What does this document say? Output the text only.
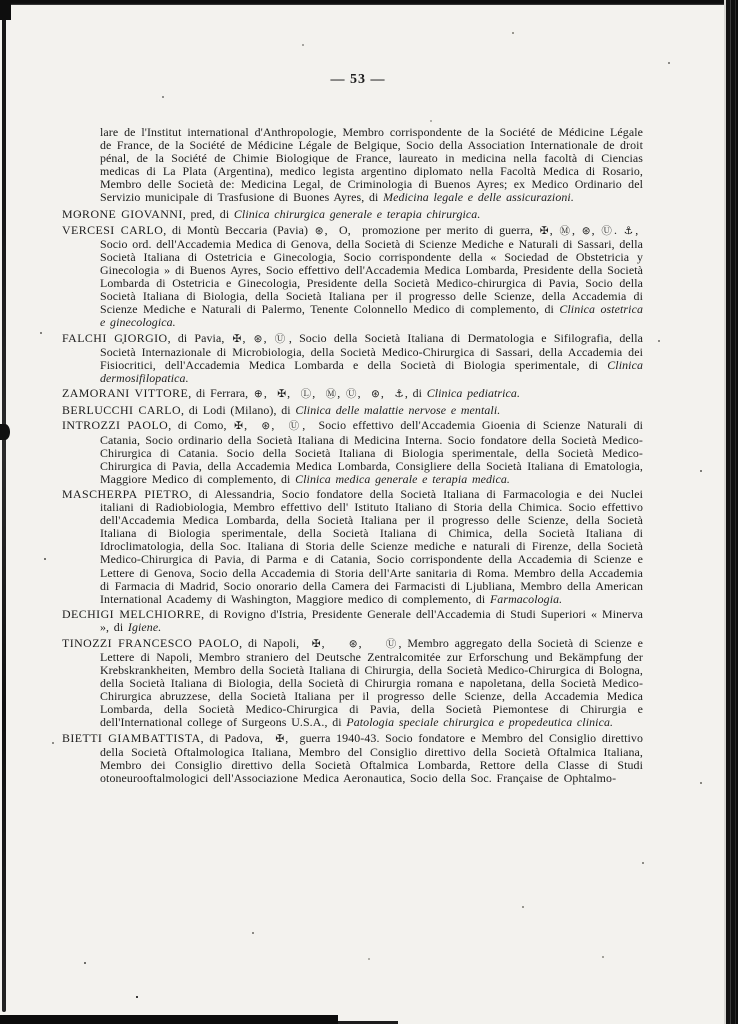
— 53 —

lare de l'Institut international d'Anthropologie, Membro corrispondente de la Société de Médicine Légale de France, de la Société de Médicine Légale de Belgique, Socio della Association Internationale de droit pénal, de la Société de Chimie Biologique de France, laureato in medicina nella facoltà di Ciencias medicas di La Plata (Argentina), medico legista argentino diplomato nella Facoltà Medica di Rosario, Membro delle Società de: Medicina Legal, de Criminologia di Buenos Ayres; ex Medico Ordinario del Servizio municipale di Trasfusione di Buones Ayres, di Medicina legale e delle assicurazioni.

MORONE GIOVANNI, pred, di Clinica chirurgica generale e terapia chirurgica.

VERCESI CARLO, di Montù Beccaria (Pavia) ⊛,  O,  promozione per merito di guerra, ✠, Ⓜ, ⊛, Ⓤ. ⚓,  Socio ord. dell'Accademia Medica di Genova, della Società di Scienze Mediche e Naturali di Sassari, della Società Italiana di Ostetricia e Ginecologia, Socio corrispondente della « Sociedad de Obstetricia y Ginecologia » di Buenos Ayres, Socio effettivo dell'Accademia Medica Lombarda, Presidente della Società Lombarda di Ostetricia e Ginecologia, Presidente della Società Medico-chirurgica di Pavia, Socio della Società Italiana di Biologia, della Società Italiana per il progresso delle Scienze, della Accademia di Scienze Mediche e Naturali di Palermo, Tenente Colonnello Medico di complemento, di Clinica ostetrica e ginecologica.

FALCHI GIORGIO, di Pavia, ✠, ⊛, Ⓤ, Socio della Società Italiana di Dermatologia e Sifilografia, della Società Internazionale di Microbiologia, della Società Medico-Chirurgica di Sassari, della Accademia dei Fisiocritici, dell'Accademia Medica Lombarda e della Società di Biologia sperimentale, di Clinica dermosifilopatica.

ZAMORANI VITTORE, di Ferrara, ⊕,  ✠,  Ⓛ,  Ⓜ, Ⓤ,  ⊛,  ⚓, di Clinica pediatrica.

BERLUCCHI CARLO, di Lodi (Milano), di Clinica delle malattie nervose e mentali.

INTROZZI PAOLO, di Como, ✠,  ⊛,  Ⓤ,  Socio effettivo dell'Accademia Gioenia di Scienze Naturali di Catania, Socio ordinario della Società Italiana di Medicina Interna. Socio fondatore della Società Medico-Chirurgica di Catania. Socio della Società Italiana di Biologia sperimentale, della Società Medico-Chirurgica di Pavia, della Accademia Medica Lombarda, Consigliere della Società Italiana di Ematologia, Maggiore Medico di complemento, di Clinica medica generale e terapia medica.

MASCHERPA PIETRO, di Alessandria, Socio fondatore della Società Italiana di Farmacologia e dei Nuclei italiani di Radiobiologia, Membro effettivo dell' Istituto Italiano di Storia della Chimica. Socio effettivo dell'Accademia Medica Lombarda, della Società Italiana per il progresso delle Scienze, della Società Italiana di Biologia sperimentale, della Società Italiana di Chimica, della Società Italiana di Idroclimatologia, della Soc. Italiana di Storia delle Scienze mediche e naturali di Firenze, della Società Medico-Chirurgica di Pavia, di Parma e di Catania, Socio corrispondente della Accademia di Scienze e Lettere di Genova, Socio della Accademia di Storia dell'Arte sanitaria di Roma. Membro della Accademia di Farmacia di Madrid, Socio onorario della Camera dei Farmacisti di Ljubliana, Membro della American International Academy di Washington, Maggiore medico di complemento, di Farmacologia.

DECHIGI MELCHIORRE, di Rovigno d'Istria, Presidente Generale dell'Accademia di Studi Superiori « Minerva », di Igiene.

TINOZZI FRANCESCO PAOLO, di Napoli,  ✠,    ⊛,    Ⓤ, Membro aggregato della Società di Scienze e Lettere di Napoli, Membro straniero del Deutsche Zentralcomitée zur Erforschung und Bekämpfung der Krebskrankheiten, Membro della Società Italiana di Chirurgia, della Società Medico-Chirurgica di Bologna, della Società Italiana di Biologia, della Società di Chirurgia romana e napoletana, della Società Medico-Chirurgica abruzzese, della Società Italiana per il progresso delle Scienze, della Accademia Medica Lombarda, della Società Medico-Chirurgica di Pavia, della Società Piemontese di Chirurgia e dell'International college of Surgeons U.S.A., di Patologia speciale chirurgica e propedeutica clinica.

BIETTI GIAMBATTISTA, di Padova,  ✠,  guerra 1940-43. Socio fondatore e Membro del Consiglio direttivo della Società Oftalmologica Italiana, Membro del Consiglio direttivo della Società Oftalmica Italiana, Membro dei Consiglio direttivo della Società Oftalmica Lombarda, Rettore della Classe di Studi otoneurooftalmologici dell'Associazione Medica Aeronautica, Socio della Soc. Française de Ophtalmo-
